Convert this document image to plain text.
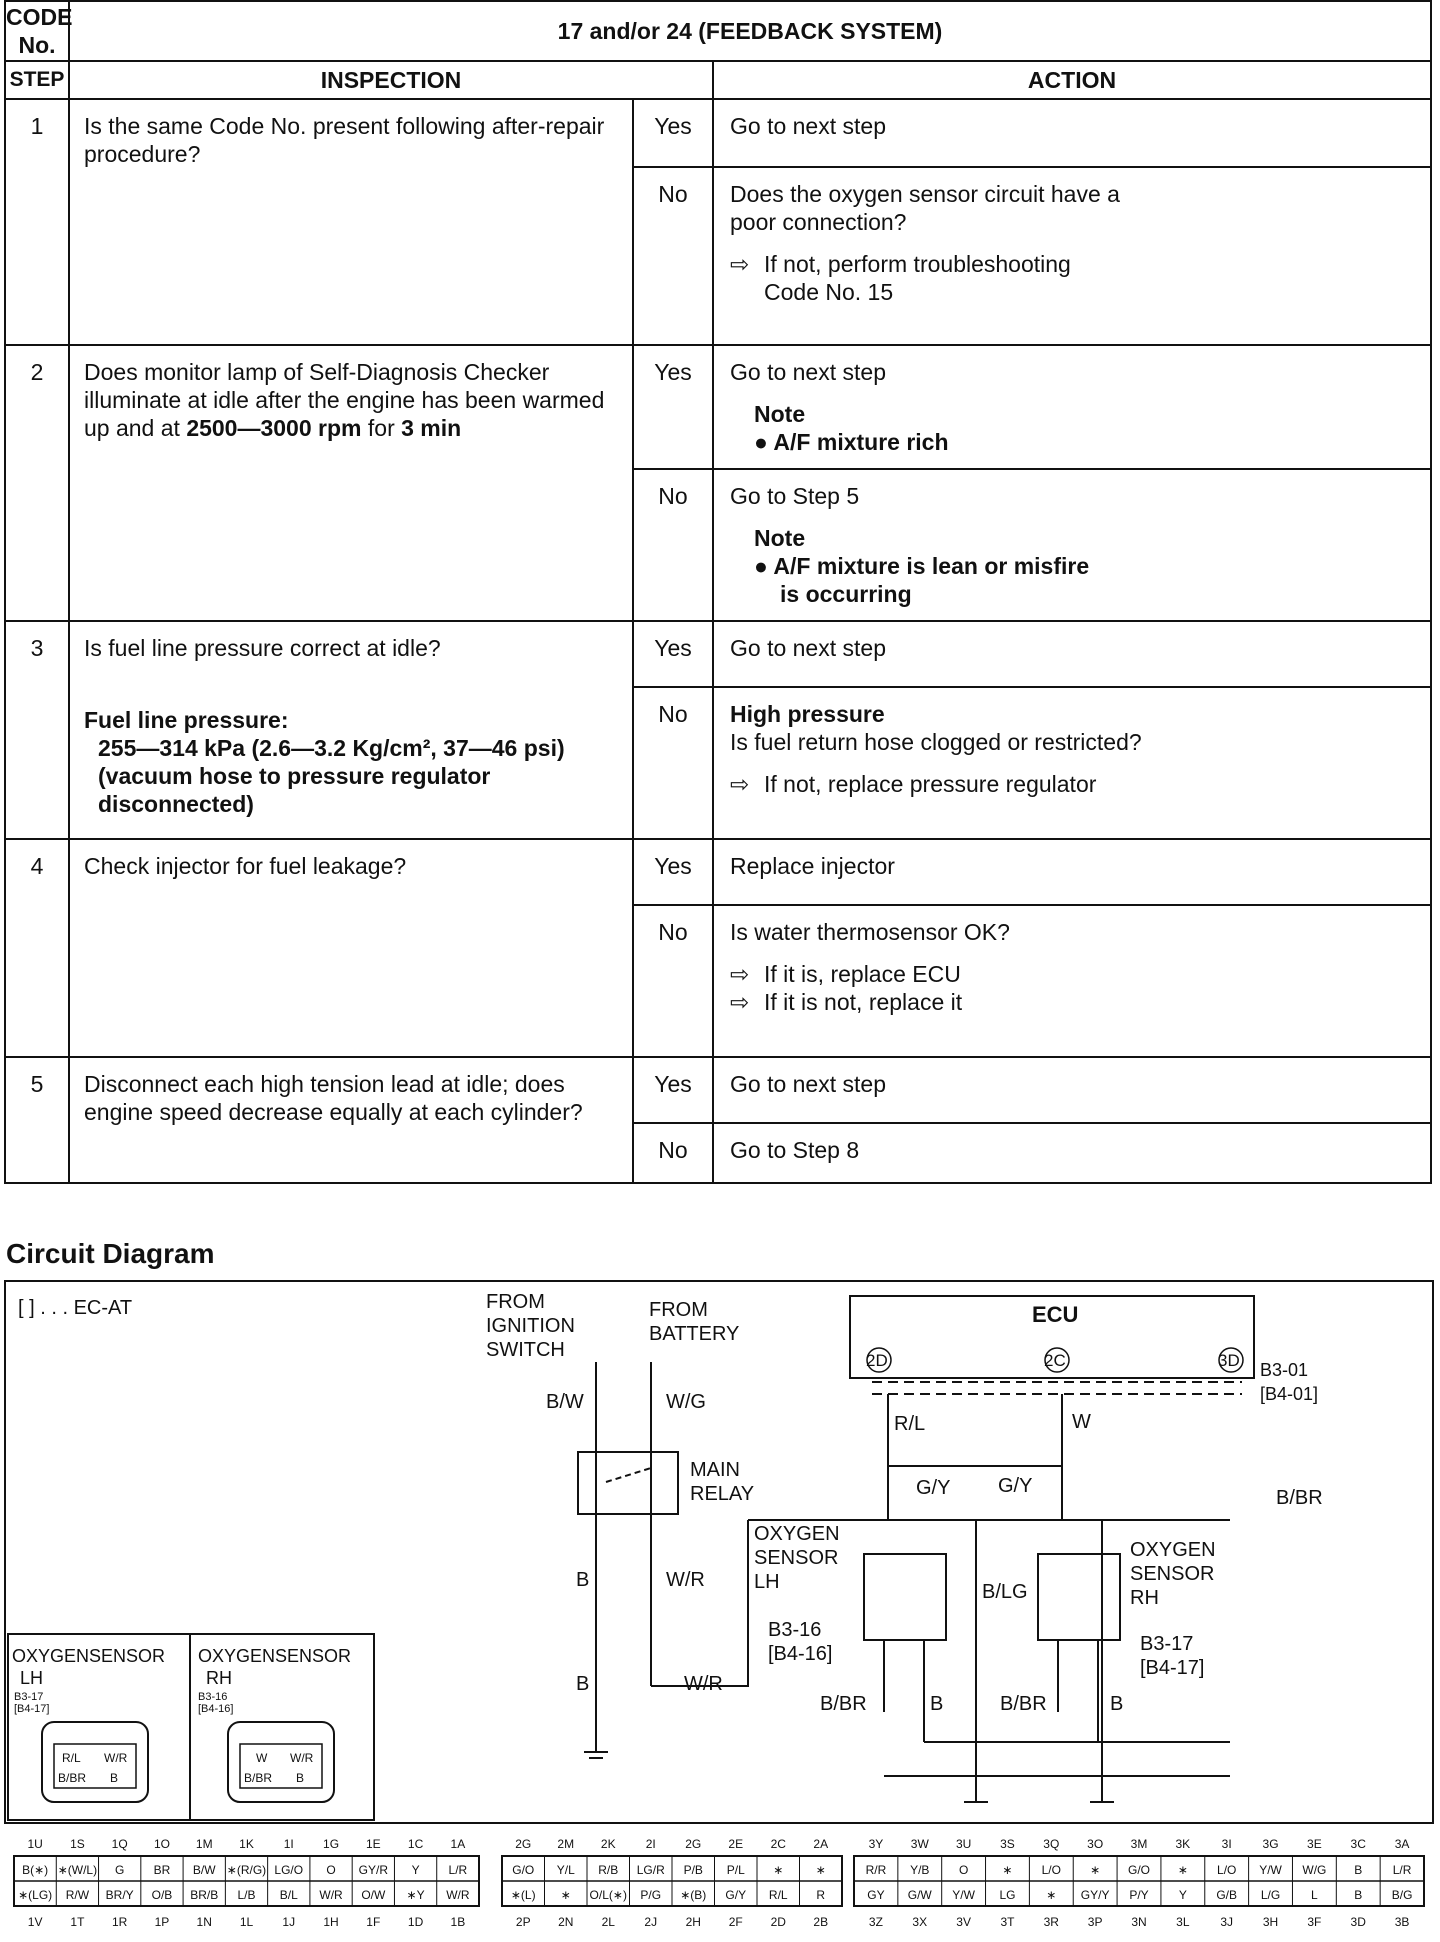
CODE No.	17 and/or 24 (FEEDBACK SYSTEM)		
STEP	INSPECTION		ACTION
1	Is the same Code No. present following after-repair procedure?	Yes	Go to next step
		No	Does the oxygen sensor circuit have a poor connection?
⇨ If not, perform troubleshooting
Code No. 15

2	Does monitor lamp of Self-Diagnosis Checker illuminate at idle after the engine has been warmed up and at 2500—3000 rpm for 3 min	Yes	Go to next step
Note
● A/F mixture rich

		No	Go to Step 5
Note
● A/F mixture is lean or misfire
is occurring

3	Is fuel line pressure correct at idle?
Fuel line pressure:
255—314 kPa (2.6—3.2 Kg/cm², 37—46 psi)
(vacuum hose to pressure regulator
disconnected)	Yes	Go to next step
		No	High pressure
Is fuel return hose clogged or restricted?
⇨ If not, replace pressure regulator

4	Check injector for fuel leakage?	Yes	Replace injector
		No	Is water thermosensor OK?
⇨ If it is, replace ECU
⇨ If it is not, replace it

5	Disconnect each high tension lead at idle; does engine speed decrease equally at each cylinder?	Yes	Go to next step
		No	Go to Step 8
Circuit Diagram
[ ] . . . EC-AT	FROM
IGNITION
SWITCH
FROM
BATTERY
ECU
2D	2C	3D B3-01
[B4-01]
B/W	W/G
MAIN
RELAY
B	W/R
B	W/R
R/L	W
G/Y G/Y
B/BR
OXYGEN
SENSOR
LH
B3-16
[B4-16]
B/BR	B
OXYGEN
SENSOR
RH
B3-17
[B4-17]
B/LG
B/BR	B
OXYGENSENSOR
LH
B3-17
[B4-17]
R/L W/R
B/BR B
OXYGENSENSOR
RH
B3-16
[B4-16]
W W/R
B/BR B
1U 1S 1Q 1O 1M 1K 1I 1G 1E 1C 1A
B(∗) ∗(W/L) G BR B/W ∗(R/G) LG/O O GY/R Y L/R
∗(LG) R/W BR/Y O/B BR/B L/B B/L W/R O/W ∗Y W/R
1V 1T 1R 1P 1N 1L 1J 1H 1F 1D 1B
2G 2M 2K	2I 2G 2E 2C 2A
G/O Y/L R/B LG/R P/B P/L ∗	∗
∗(L) ∗ O/L(∗) P/G ∗(B) G/Y R/L R
2P 2N 2L 2J 2H 2F 2D 2B
3Y 3W 3U 3S 3Q 3O 3M 3K	3I	3G 3E 3C 3A
R/R Y/B O	∗ L/O ∗ G/O ∗ L/O Y/W W/G B	L/R
GY G/W Y/W LG	∗ GY/Y P/Y	Y G/B L/G	L	B B/G
3Z 3X 3V 3T 3R 3P 3N 3L	3J 3H 3F 3D 3B
